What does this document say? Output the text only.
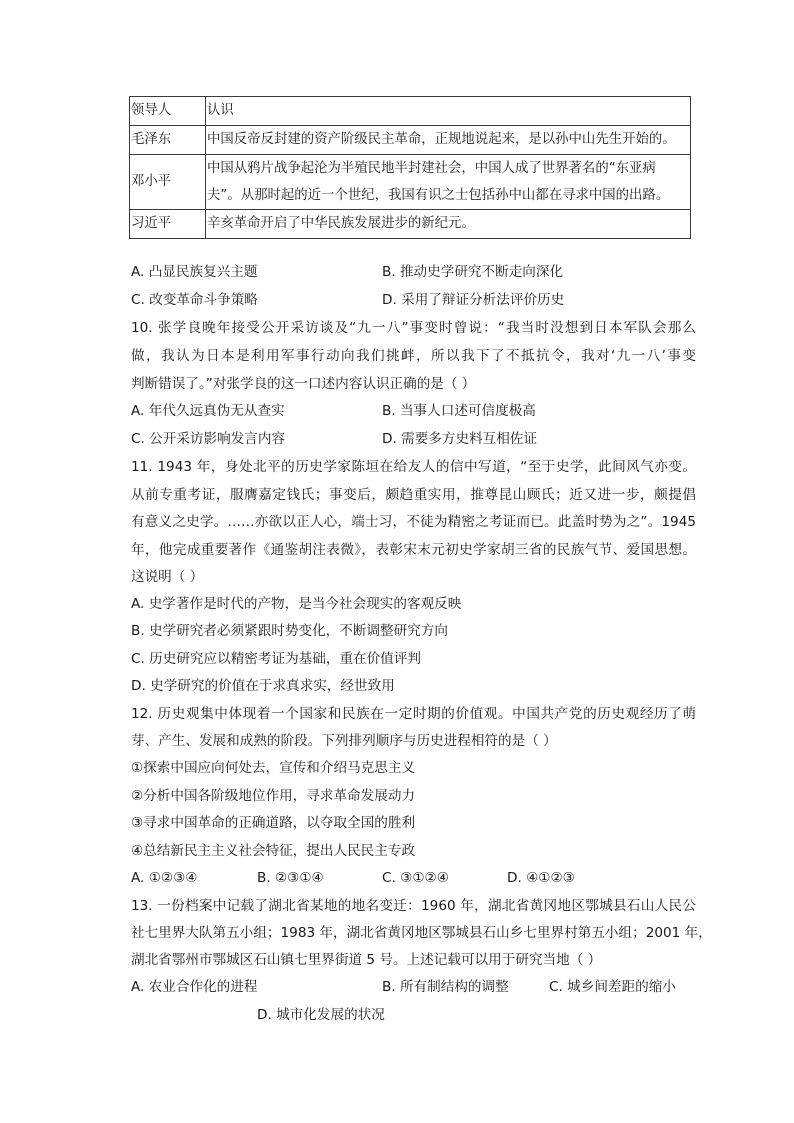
领导人	认识
毛泽东	中国反帝反封建的资产阶级民主革命，正规地说起来，是以孙中山先生开始的。
邓小平	中国从鸦片战争起沦为半殖民地半封建社会，中国人成了世界著名的“东亚病
夫”。从那时起的近一个世纪，我国有识之士包括孙中山都在寻求中国的出路。

习近平	辛亥革命开启了中华民族发展进步的新纪元。
A. 凸显民族复兴主题	B. 推动史学研究不断走向深化
C. 改变革命斗争策略	D. 采用了辩证分析法评价历史
10. 张学良晚年接受公开采访谈及“九一八”事变时曾说：“我当时没想到日本军队会那么
做，我认为日本是利用军事行动向我们挑衅，所以我下了不抵抗令，我对‘九一八’事变
判断错误了。”对张学良的这一口述内容认识正确的是（ ）
A. 年代久远真伪无从查实	B. 当事人口述可信度极高
C. 公开采访影响发言内容	D. 需要多方史料互相佐证
11. 1943 年，身处北平的历史学家陈垣在给友人的信中写道，“至于史学，此间风气亦变。
从前专重考证，服膺嘉定钱氏；事变后，颇趋重实用，推尊昆山顾氏；近又进一步，颇提倡
有意义之史学。……亦欲以正人心，端士习，不徒为精密之考证而已。此盖时势为之”。1945
年，他完成重要著作《通鉴胡注表微》，表彰宋末元初史学家胡三省的民族气节、爱国思想。
这说明（ ）
A. 史学著作是时代的产物，是当今社会现实的客观反映
B. 史学研究者必须紧跟时势变化，不断调整研究方向
C. 历史研究应以精密考证为基础，重在价值评判
D. 史学研究的价值在于求真求实，经世致用
12. 历史观集中体现着一个国家和民族在一定时期的价值观。中国共产党的历史观经历了萌
芽、产生、发展和成熟的阶段。下列排列顺序与历史进程相符的是（ ）
①探索中国应向何处去，宣传和介绍马克思主义
②分析中国各阶级地位作用，寻求革命发展动力
③寻求中国革命的正确道路，以夺取全国的胜利
④总结新民主主义社会特征，提出人民民主专政
A. ①②③④	B. ②③①④	C. ③①②④	D. ④①②③
13. 一份档案中记载了湖北省某地的地名变迁：1960 年，湖北省黄冈地区鄂城县石山人民公
社七里界大队第五小组；1983 年，湖北省黄冈地区鄂城县石山乡七里界村第五小组；2001 年，
湖北省鄂州市鄂城区石山镇七里界街道 5 号。上述记载可以用于研究当地（ ）
A. 农业合作化的进程	B. 所有制结构的调整	C. 城乡间差距的缩小
D. 城市化发展的状况
